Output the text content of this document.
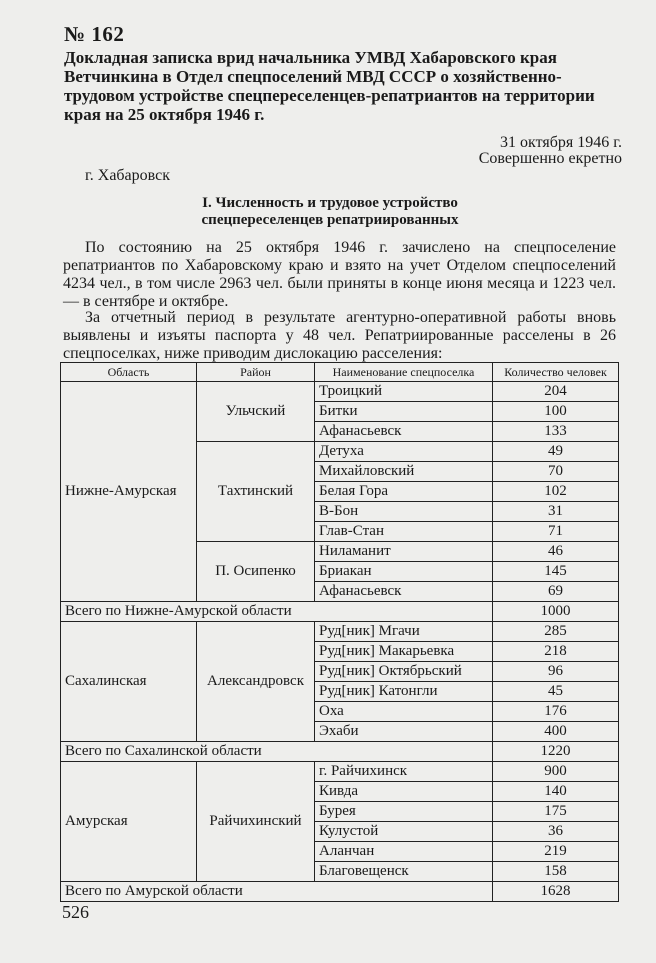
№ 162
Докладная записка врид начальника УМВД Хабаровского края Ветчинкина в Отдел спецпоселений МВД СССР о хозяйственно-трудовом устройстве спецпереселенцев-репатриантов на территории края на 25 октября 1946 г.
31 октября 1946 г.
Совершенно екретно
г. Хабаровск
I. Численность и трудовое устройство спецпереселенцев репатриированных
По состоянию на 25 октября 1946 г. зачислено на спецпоселение репатриантов по Хабаровскому краю и взято на учет Отделом спецпоселений 4234 чел., в том числе 2963 чел. были приняты в конце июня месяца и 1223 чел. — в сентябре и октябре.
За отчетный период в результате агентурно-оперативной работы вновь выявлены и изъяты паспорта у 48 чел. Репатриированные расселены в 26 спецпоселках, ниже приводим дислокацию расселения:
Область	Район	Наименование спецпоселка	Количество человек
Нижне-Амурская	Ульчский	Троицкий	204
		Битки	100
		Афанасьевск	133
	Тахтинский	Детуха	49
		Михайловский	70
		Белая Гора	102
		В-Бон	31
		Глав-Стан	71
	П. Осипенко	Ниламанит	46
		Бриакан	145
		Афанасьевск	69
Всего по Нижне-Амурской области			1000
Сахалинская	Александровск	Руд[ник] Мгачи	285
		Руд[ник] Макарьевка	218
		Руд[ник] Октябрьский	96
		Руд[ник] Катонгли	45
		Оха	176
		Эхаби	400
Всего по Сахалинской области			1220
Амурская	Райчихинский	г. Райчихинск	900
		Кивда	140
		Бурея	175
		Кулустой	36
		Аланчан	219
		Благовещенск	158
Всего по Амурской области			1628
526
